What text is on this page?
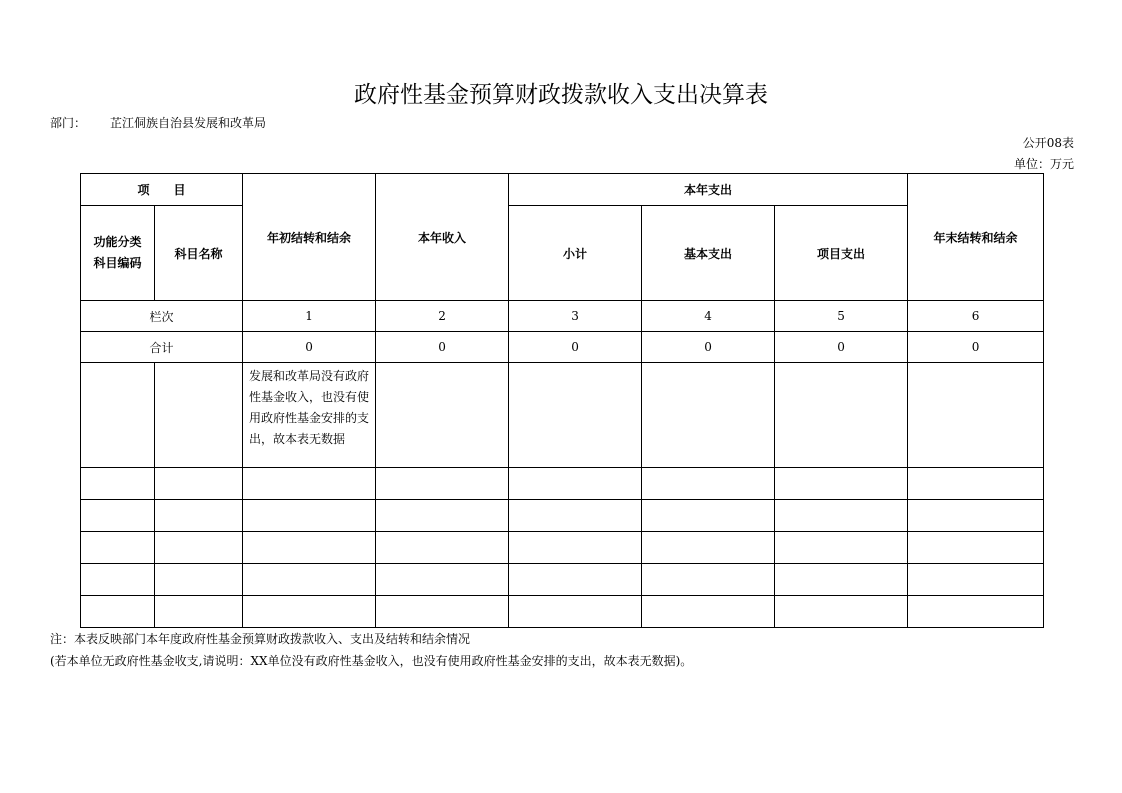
政府性基金预算财政拨款收入支出决算表
部门： 芷江侗族自治县发展和改革局
公开08表
单位：万元
项　　目		年初结转和结余	本年收入	本年支出			年末结转和结余
功能分类
科目编码	科目名称			小计	基本支出	项目支出	
栏次		1	2	3	4	5	6
合计		0	0	0	0	0	0
		发展和改革局没有政府性基金收入，也没有使用政府性基金安排的支出，故本表无数据					

注：本表反映部门本年度政府性基金预算财政拨款收入、支出及结转和结余情况
(若本单位无政府性基金收支,请说明：XX单位没有政府性基金收入，也没有使用政府性基金安排的支出，故本表无数据)。
